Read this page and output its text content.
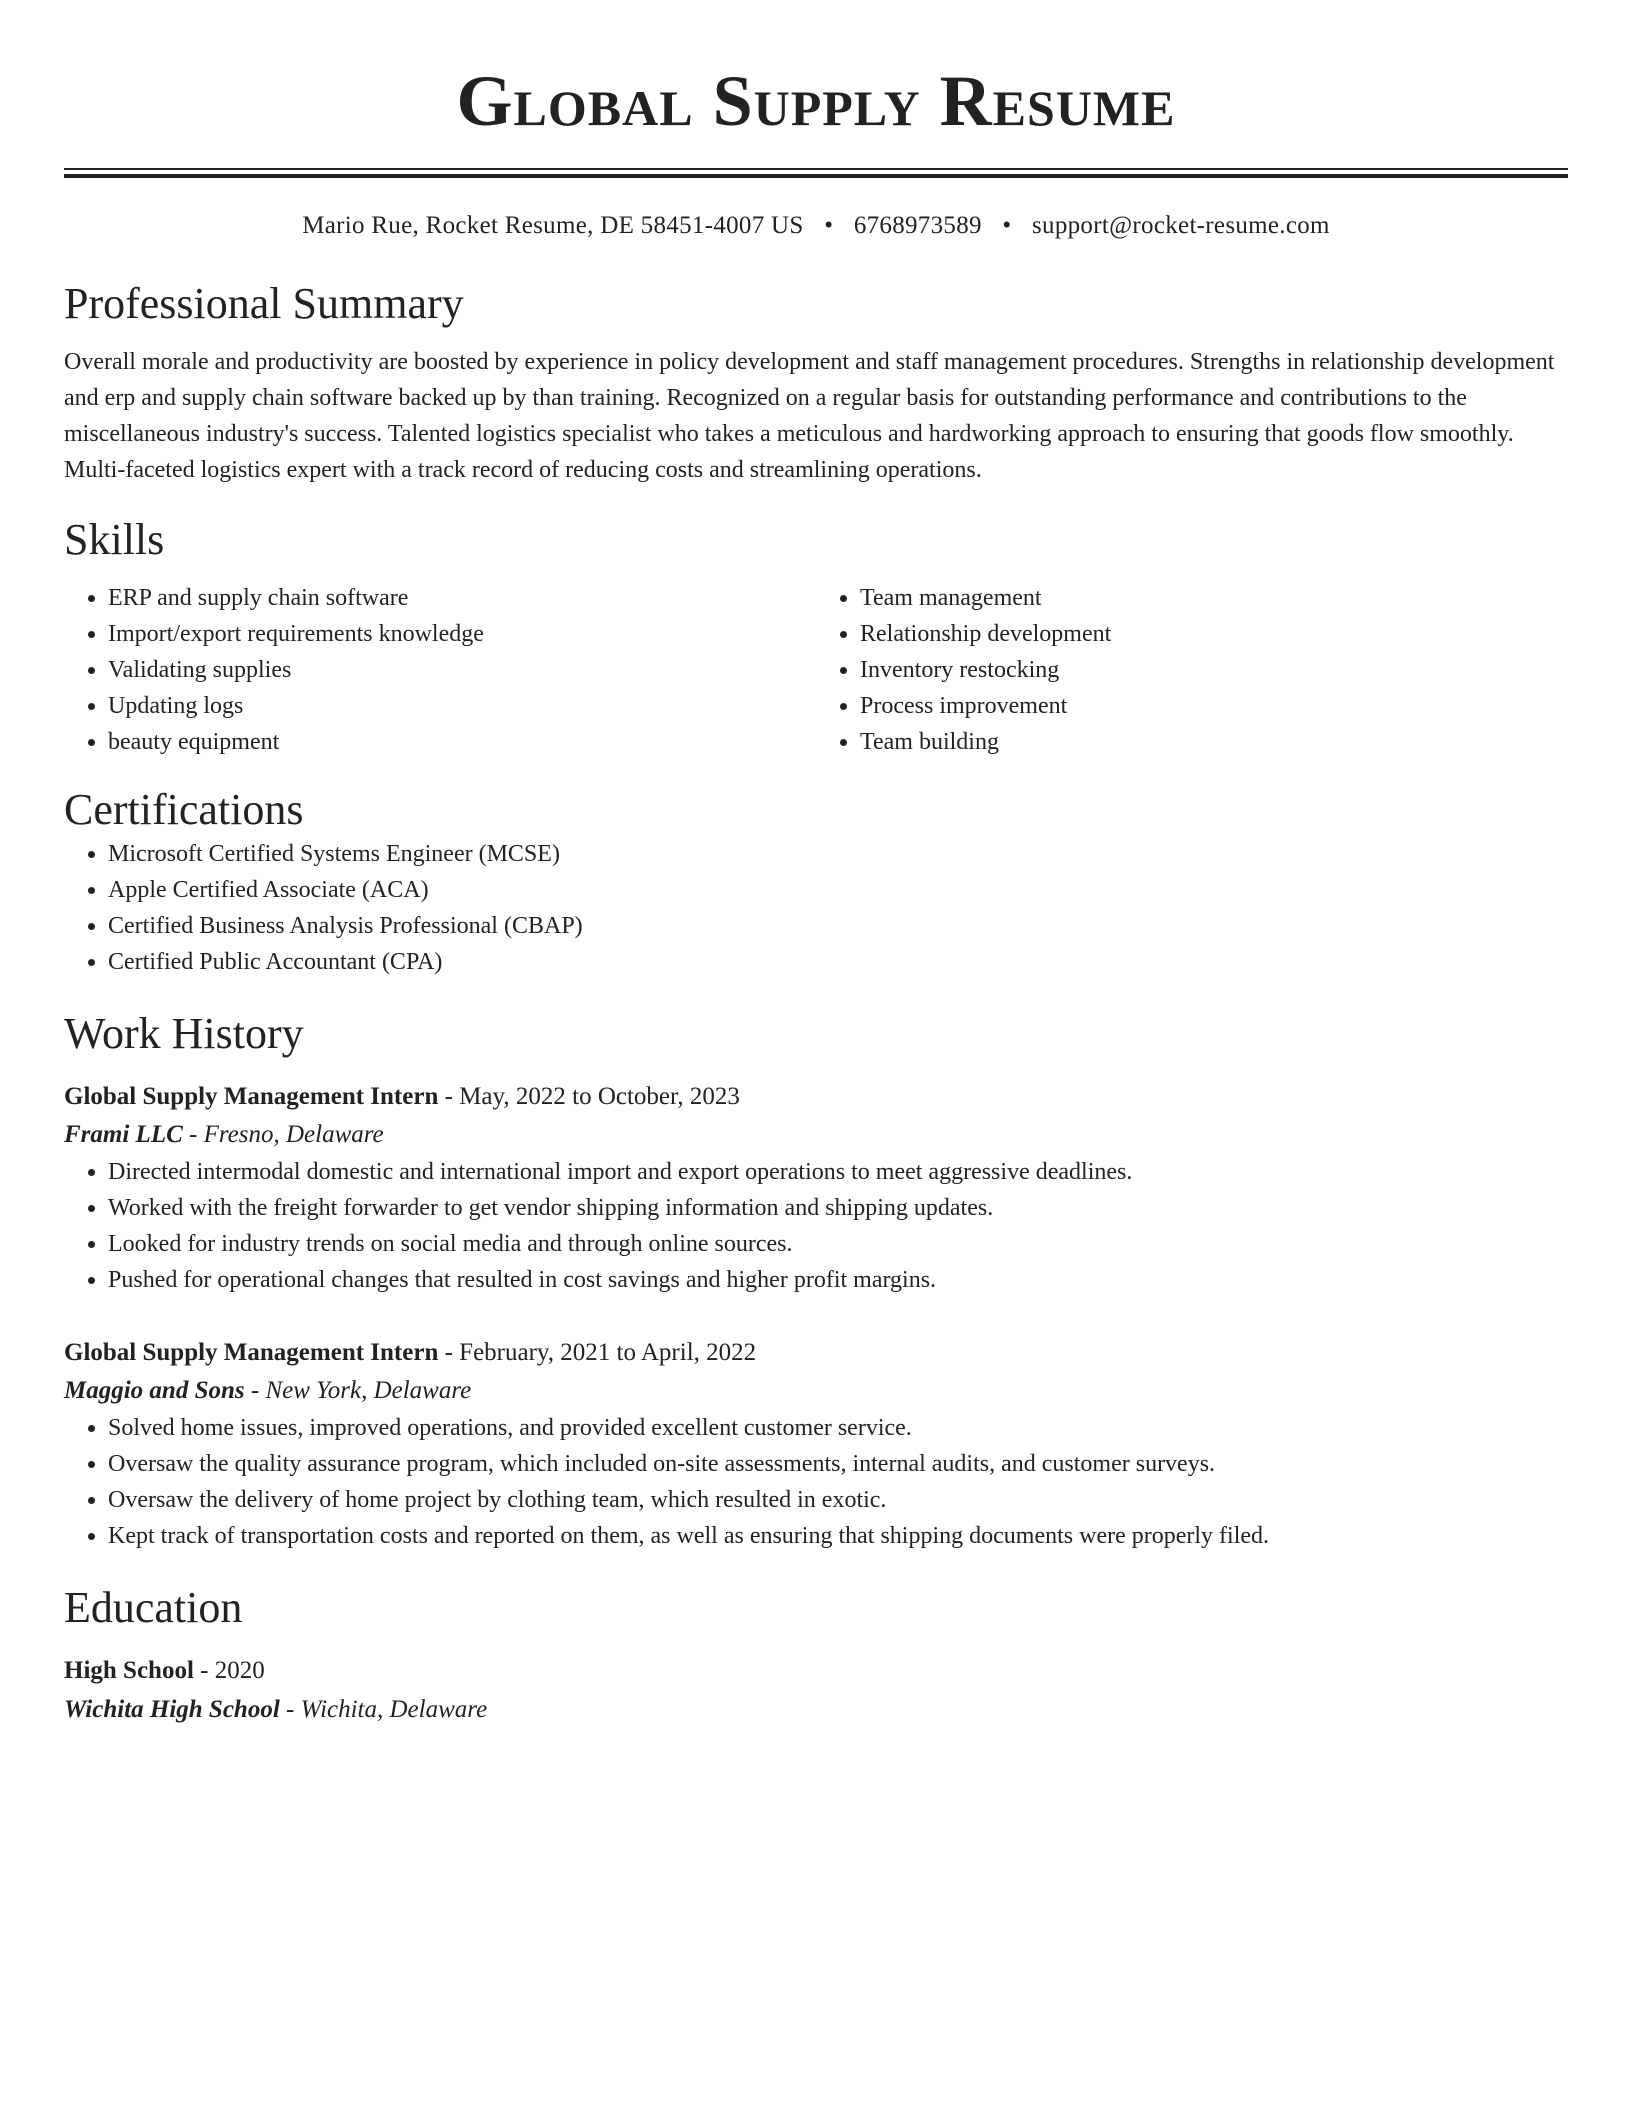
Global Supply Resume
Mario Rue, Rocket Resume, DE 58451-4007 US • 6768973589 • support@rocket-resume.com
Professional Summary

Overall morale and productivity are boosted by experience in policy development and staff management procedures. Strengths in relationship development and erp and supply chain software backed up by than training. Recognized on a regular basis for outstanding performance and contributions to the miscellaneous industry's success. Talented logistics specialist who takes a meticulous and hardworking approach to ensuring that goods flow smoothly. Multi-faceted logistics expert with a track record of reducing costs and streamlining operations.

Skills
• ERP and supply chain software
• Import/export requirements knowledge
• Validating supplies
• Updating logs
• beauty equipment
• Team management
• Relationship development
• Inventory restocking
• Process improvement
• Team building
Certifications
• Microsoft Certified Systems Engineer (MCSE)
• Apple Certified Associate (ACA)
• Certified Business Analysis Professional (CBAP)
• Certified Public Accountant (CPA)
Work History
Global Supply Management Intern - May, 2022 to October, 2023
Frami LLC - Fresno, Delaware
• Directed intermodal domestic and international import and export operations to meet aggressive deadlines.
• Worked with the freight forwarder to get vendor shipping information and shipping updates.
• Looked for industry trends on social media and through online sources.
• Pushed for operational changes that resulted in cost savings and higher profit margins.
Global Supply Management Intern - February, 2021 to April, 2022
Maggio and Sons - New York, Delaware
• Solved home issues, improved operations, and provided excellent customer service.
• Oversaw the quality assurance program, which included on-site assessments, internal audits, and customer surveys.
• Oversaw the delivery of home project by clothing team, which resulted in exotic.
• Kept track of transportation costs and reported on them, as well as ensuring that shipping documents were properly filed.
Education
High School - 2020
Wichita High School - Wichita, Delaware
